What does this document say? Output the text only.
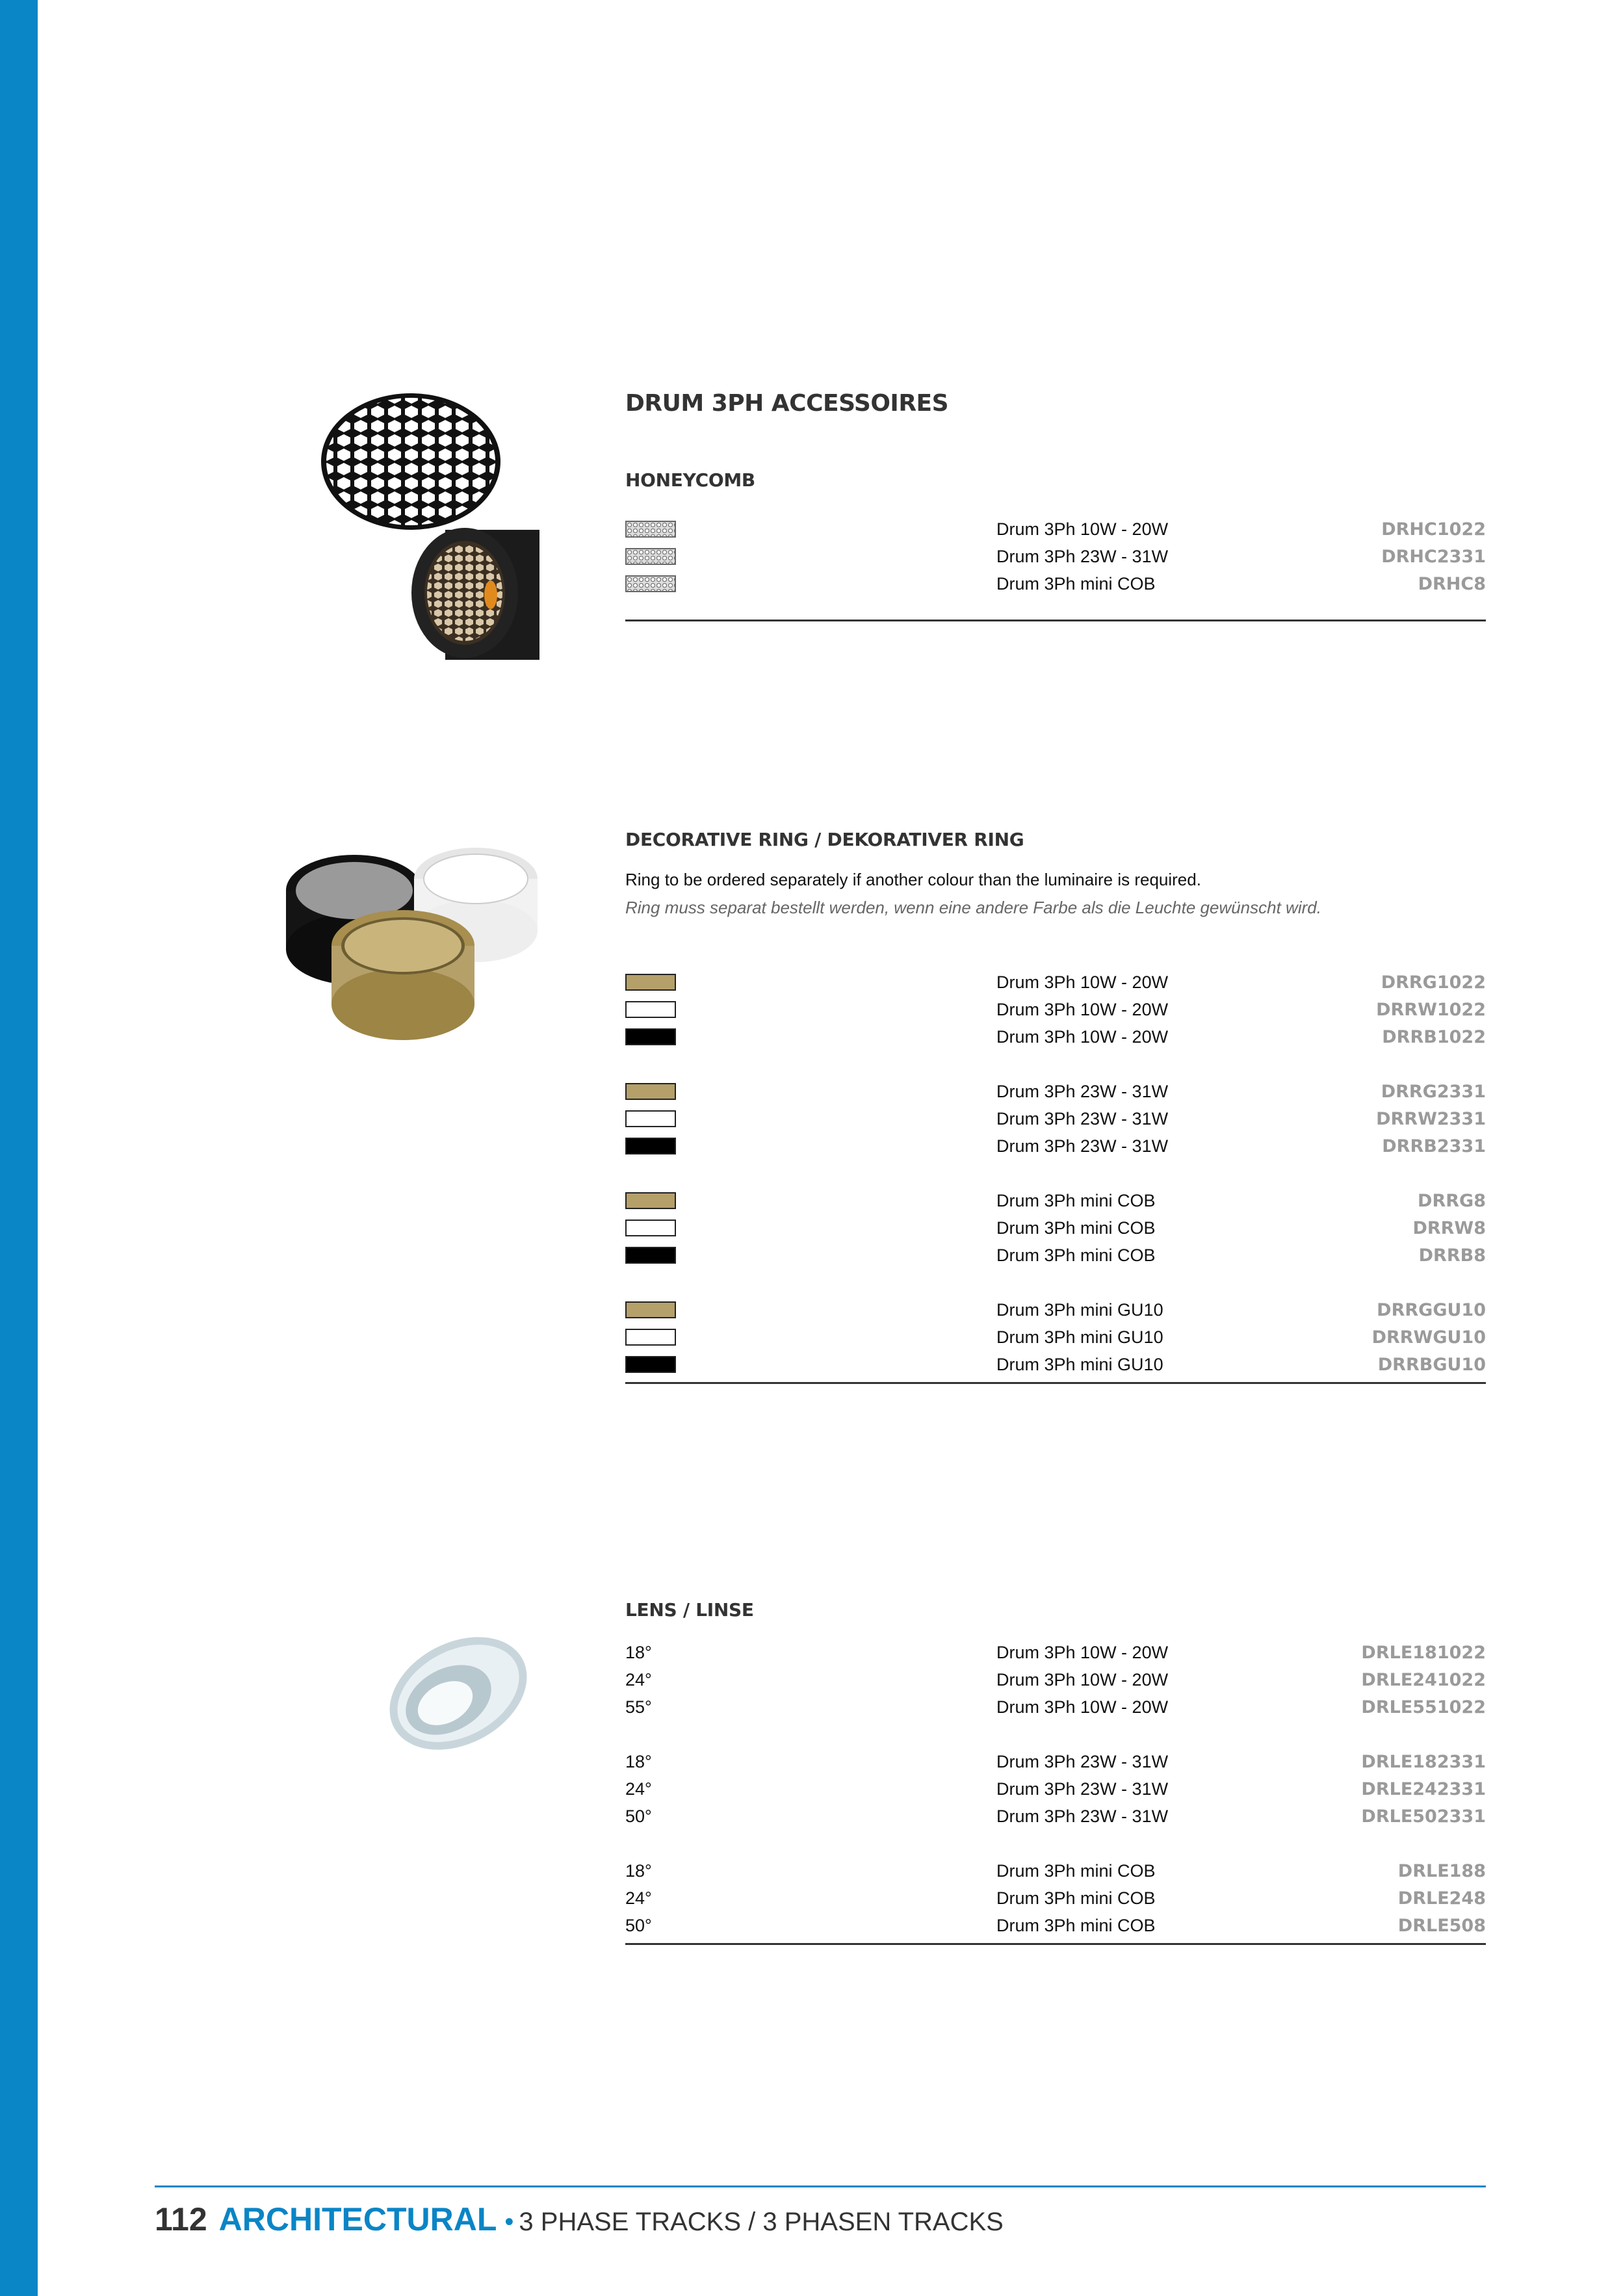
DRUM 3PH ACCESSOIRES
HONEYCOMB
Drum 3Ph 10W - 20W	DRHC1022
Drum 3Ph 23W - 31W	DRHC2331
Drum 3Ph mini COB	DRHC8
DECORATIVE RING / DEKORATIVER RING

Ring to be ordered separately if another colour than the luminaire is required.

Ring muss separat bestellt werden, wenn eine andere Farbe als die Leuchte gewünscht wird.

Drum 3Ph 10W - 20W	DRRG1022
Drum 3Ph 10W - 20W	DRRW1022
Drum 3Ph 10W - 20W	DRRB1022
Drum 3Ph 23W - 31W	DRRG2331
Drum 3Ph 23W - 31W	DRRW2331
Drum 3Ph 23W - 31W	DRRB2331
Drum 3Ph mini COB	DRRG8
Drum 3Ph mini COB	DRRW8
Drum 3Ph mini COB	DRRB8
Drum 3Ph mini GU10	DRRGGU10
Drum 3Ph mini GU10	DRRWGU10
Drum 3Ph mini GU10	DRRBGU10
LENS / LINSE
18°	Drum 3Ph 10W - 20W	DRLE181022
24°	Drum 3Ph 10W - 20W	DRLE241022
55°	Drum 3Ph 10W - 20W	DRLE551022
18°	Drum 3Ph 23W - 31W	DRLE182331
24°	Drum 3Ph 23W - 31W	DRLE242331
50°	Drum 3Ph 23W - 31W	DRLE502331
18°	Drum 3Ph mini COB	DRLE188
24°	Drum 3Ph mini COB	DRLE248
50°	Drum 3Ph mini COB	DRLE508
112 ARCHITECTURAL • 3 PHASE TRACKS / 3 PHASEN TRACKS
